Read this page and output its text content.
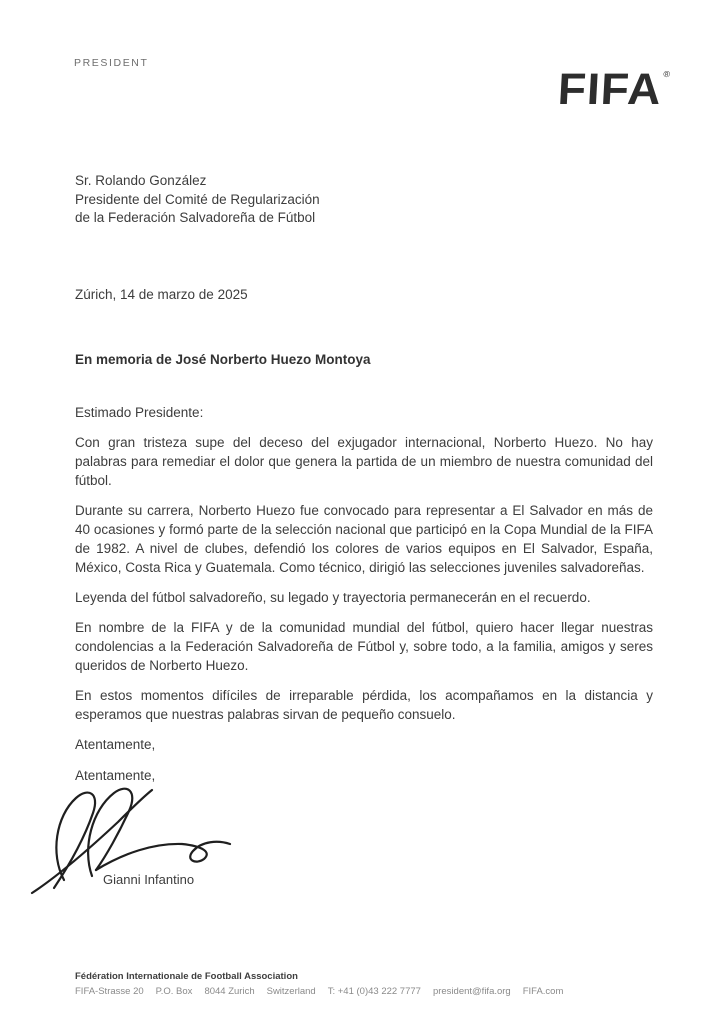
PRESIDENT
FIFA®
Sr. Rolando González
Presidente del Comité de Regularización
de la Federación Salvadoreña de Fútbol
Zúrich, 14 de marzo de 2025
En memoria de José Norberto Huezo Montoya

Estimado Presidente:

Con gran tristeza supe del deceso del exjugador internacional, Norberto Huezo. No hay palabras para remediar el dolor que genera la partida de un miembro de nuestra comunidad del fútbol.

Durante su carrera, Norberto Huezo fue convocado para representar a El Salvador en más de 40 ocasiones y formó parte de la selección nacional que participó en la Copa Mundial de la FIFA de 1982. A nivel de clubes, defendió los colores de varios equipos en El Salvador, España, México, Costa Rica y Guatemala. Como técnico, dirigió las selecciones juveniles salvadoreñas.

Leyenda del fútbol salvadoreño, su legado y trayectoria permanecerán en el recuerdo.

En nombre de la FIFA y de la comunidad mundial del fútbol, quiero hacer llegar nuestras condolencias a la Federación Salvadoreña de Fútbol y, sobre todo, a la familia, amigos y seres queridos de Norberto Huezo.

En estos momentos difíciles de irreparable pérdida, los acompañamos en la distancia y esperamos que nuestras palabras sirvan de pequeño consuelo.

Atentamente,

Atentamente,

Gianni Infantino
Fédération Internationale de Football Association
FIFA-Strasse 20 P.O. Box 8044 Zurich Switzerland T: +41 (0)43 222 7777 president@fifa.org FIFA.com
